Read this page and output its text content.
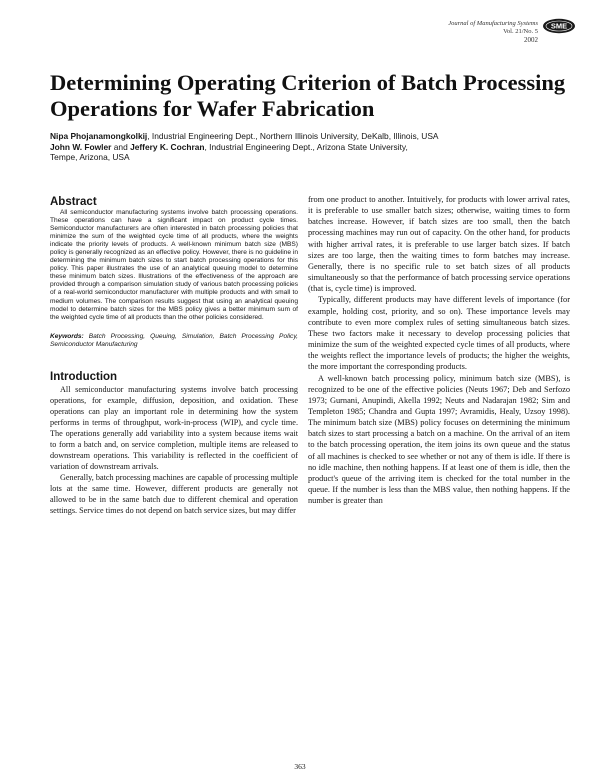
Journal of Manufacturing Systems
Vol. 21/No. 5
2002
SME
Determining Operating Criterion of Batch Processing Operations for Wafer Fabrication

Nipa Phojanamongkolkij, Industrial Engineering Dept., Northern Illinois University, DeKalb, Illinois, USA

John W. Fowler and Jeffery K. Cochran, Industrial Engineering Dept., Arizona State University,

Tempe, Arizona, USA

Abstract

All semiconductor manufacturing systems involve batch processing operations. These operations can have a significant impact on product cycle times. Semiconductor manufacturers are often interested in batch processing policies that minimize the sum of the weighted cycle time of all products, where the weights indicate the priority levels of products. A well-known minimum batch size (MBS) policy is generally recognized as an effective policy. However, there is no guideline in determining the minimum batch sizes to start batch processing operations for this policy. This paper illustrates the use of an analytical queuing model to determine these minimum batch sizes. Illustrations of the effectiveness of the approach are provided through a comparison simulation study of various batch processing policies of a real-world semiconductor manufacturer with multiple products and with small to medium volumes. The comparison results suggest that using an analytical queuing model to determine batch sizes for the MBS policy gives a better minimum sum of the weighted cycle time of all products than the other policies considered.

Keywords: Batch Processing, Queuing, Simulation, Batch Processing Policy, Semiconductor Manufacturing

Introduction

All semiconductor manufacturing systems involve batch processing operations, for example, diffusion, deposition, and oxidation. These operations can play an important role in determining how the system performs in terms of throughput, work-in-process (WIP), and cycle time. The operations generally add variability into a system because items wait to form a batch and, on service completion, multiple items are released to downstream operations. This variability is reflected in the coefficient of variation of downstream arrivals.

Generally, batch processing machines are capable of processing multiple lots at the same time. However, different products are generally not allowed to be in the same batch due to different chemical and operation settings. Service times do not depend on batch service sizes, but may differ

from one product to another. Intuitively, for products with lower arrival rates, it is preferable to use smaller batch sizes; otherwise, waiting times to form batches increase. However, if batch sizes are too small, then the batch processing machines may run out of capacity. On the other hand, for products with higher arrival rates, it is preferable to use larger batch sizes. If batch sizes are too large, then the waiting times to form batches may increase. Generally, there is no specific rule to set batch sizes of all products simultaneously so that the performance of batch processing service operations (that is, cycle time) is improved.

Typically, different products may have different levels of importance (for example, holding cost, priority, and so on). These importance levels may contribute to even more complex rules of setting simultaneous batch sizes. These two factors make it necessary to develop processing policies that minimize the sum of the weighted expected cycle times of all products, where the weights reflect the importance levels of products; the higher the weights, the more important the corresponding products.

A well-known batch processing policy, minimum batch size (MBS), is recognized to be one of the effective policies (Neuts 1967; Deb and Serfozo 1973; Gurnani, Anupindi, Akella 1992; Neuts and Nadarajan 1982; Sim and Templeton 1985; Chandra and Gupta 1997; Avramidis, Healy, Uzsoy 1998). The minimum batch size (MBS) policy focuses on determining the minimum batch sizes to start processing a batch on a machine. On the arrival of an item to the batch processing operation, the item joins its own queue and the status of all machines is checked to see whether or not any of them is idle. If there is no idle machine, then nothing happens. If at least one of them is idle, then the product's queue of the arriving item is checked for the total number in the queue. If the number is less than the MBS value, then nothing happens. If the number is greater than

363
